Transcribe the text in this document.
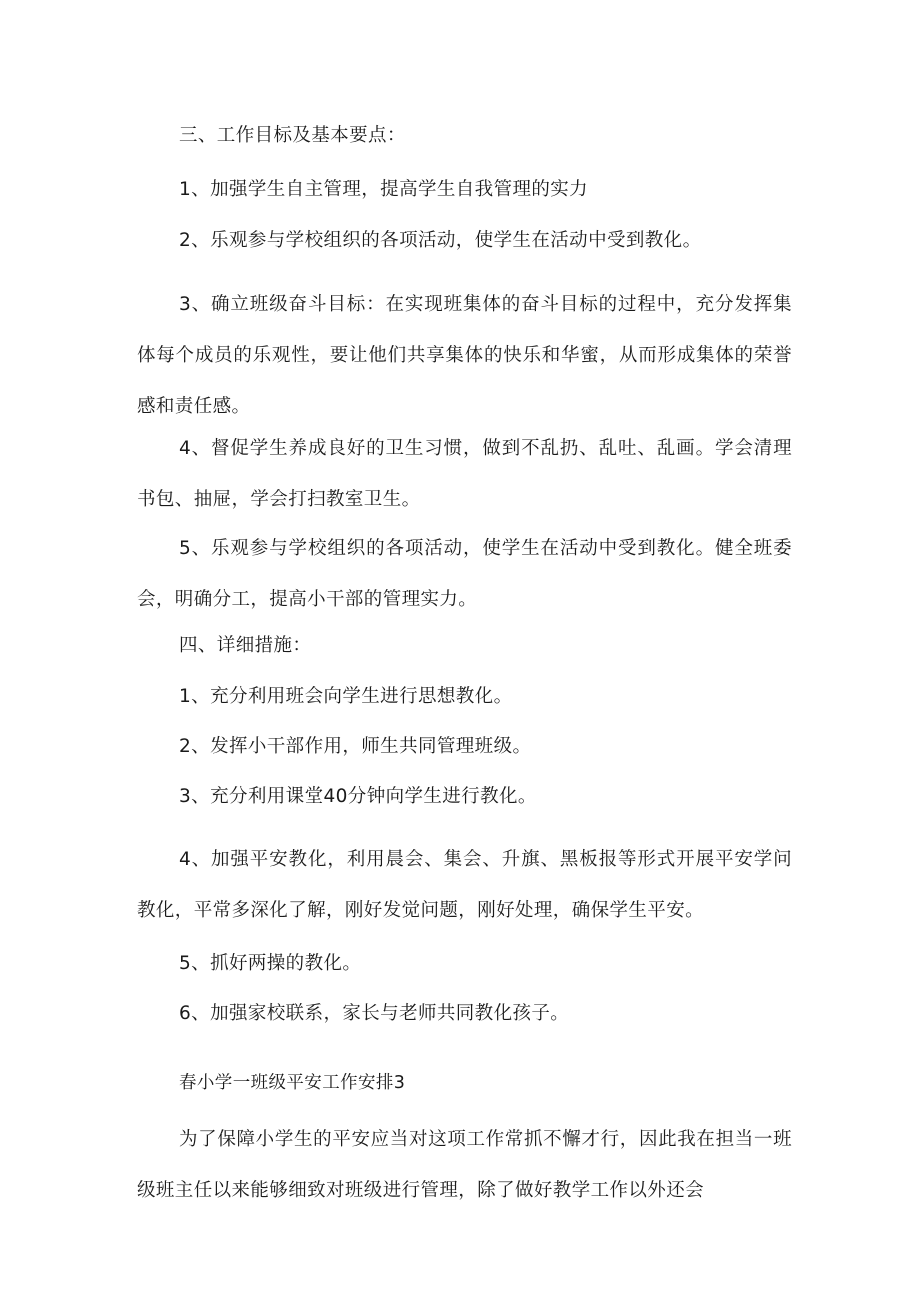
三、工作目标及基本要点：
1、加强学生自主管理，提高学生自我管理的实力
2、乐观参与学校组织的各项活动，使学生在活动中受到教化。
3、确立班级奋斗目标：在实现班集体的奋斗目标的过程中，充分发挥集体每个成员的乐观性，要让他们共享集体的快乐和华蜜，从而形成集体的荣誉感和责任感。
4、督促学生养成良好的卫生习惯，做到不乱扔、乱吐、乱画。学会清理书包、抽屉，学会打扫教室卫生。
5、乐观参与学校组织的各项活动，使学生在活动中受到教化。健全班委会，明确分工，提高小干部的管理实力。
四、详细措施：
1、充分利用班会向学生进行思想教化。
2、发挥小干部作用，师生共同管理班级。
3、充分利用课堂40分钟向学生进行教化。
4、加强平安教化，利用晨会、集会、升旗、黑板报等形式开展平安学问教化，平常多深化了解，刚好发觉问题，刚好处理，确保学生平安。
5、抓好两操的教化。
6、加强家校联系，家长与老师共同教化孩子。
春小学一班级平安工作安排3
为了保障小学生的平安应当对这项工作常抓不懈才行，因此我在担当一班级班主任以来能够细致对班级进行管理，除了做好教学工作以外还会
